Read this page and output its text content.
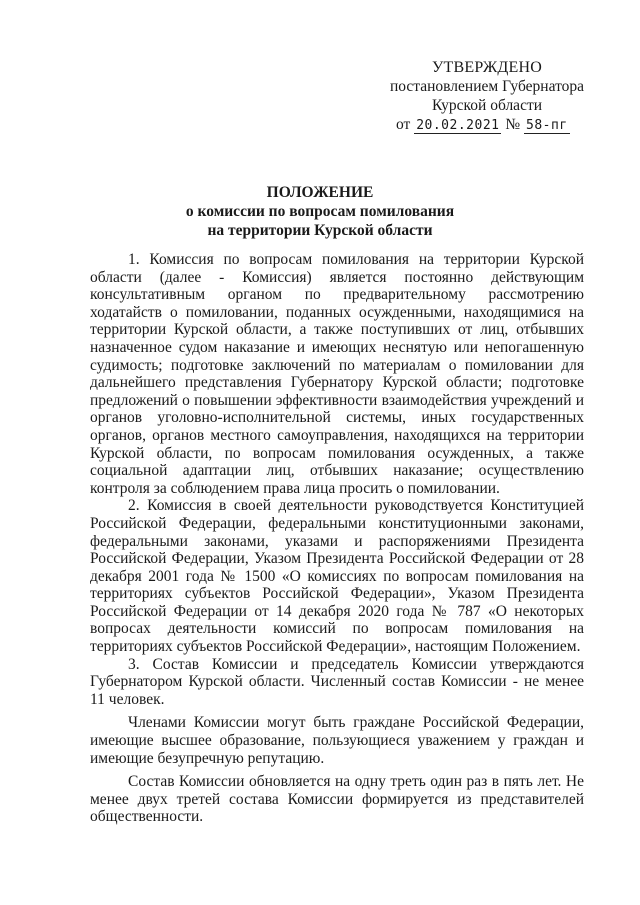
УТВЕРЖДЕНО
постановлением Губернатора
Курской области
от 20.02.2021 № 58-пг
ПОЛОЖЕНИЕ
о комиссии по вопросам помилования
на территории Курской области

1. Комиссия по вопросам помилования на территории Курской области (далее - Комиссия) является постоянно действующим консультативным органом по предварительному рассмотрению ходатайств о помиловании, поданных осужденными, находящимися на территории Курской области, а также поступивших от лиц, отбывших назначенное судом наказание и имеющих неснятую или непогашенную судимость; подготовке заключений по материалам о помиловании для дальнейшего представления Губернатору Курской области; подготовке предложений о повышении эффективности взаимодействия учреждений и органов уголовно-исполнительной системы, иных государственных органов, органов местного самоуправления, находящихся на территории Курской области, по вопросам помилования осужденных, а также социальной адаптации лиц, отбывших наказание; осуществлению контроля за соблюдением права лица просить о помиловании.

2. Комиссия в своей деятельности руководствуется Конституцией Российской Федерации, федеральными конституционными законами, федеральными законами, указами и распоряжениями Президента Российской Федерации, Указом Президента Российской Федерации от 28 декабря 2001 года № 1500 «О комиссиях по вопросам помилования на территориях субъектов Российской Федерации», Указом Президента Российской Федерации от 14 декабря 2020 года № 787 «О некоторых вопросах деятельности комиссий по вопросам помилования на территориях субъектов Российской Федерации», настоящим Положением.

3. Состав Комиссии и председатель Комиссии утверждаются Губернатором Курской области. Численный состав Комиссии - не менее 11 человек.

Членами Комиссии могут быть граждане Российской Федерации, имеющие высшее образование, пользующиеся уважением у граждан и имеющие безупречную репутацию.

Состав Комиссии обновляется на одну треть один раз в пять лет. Не менее двух третей состава Комиссии формируется из представителей общественности.
